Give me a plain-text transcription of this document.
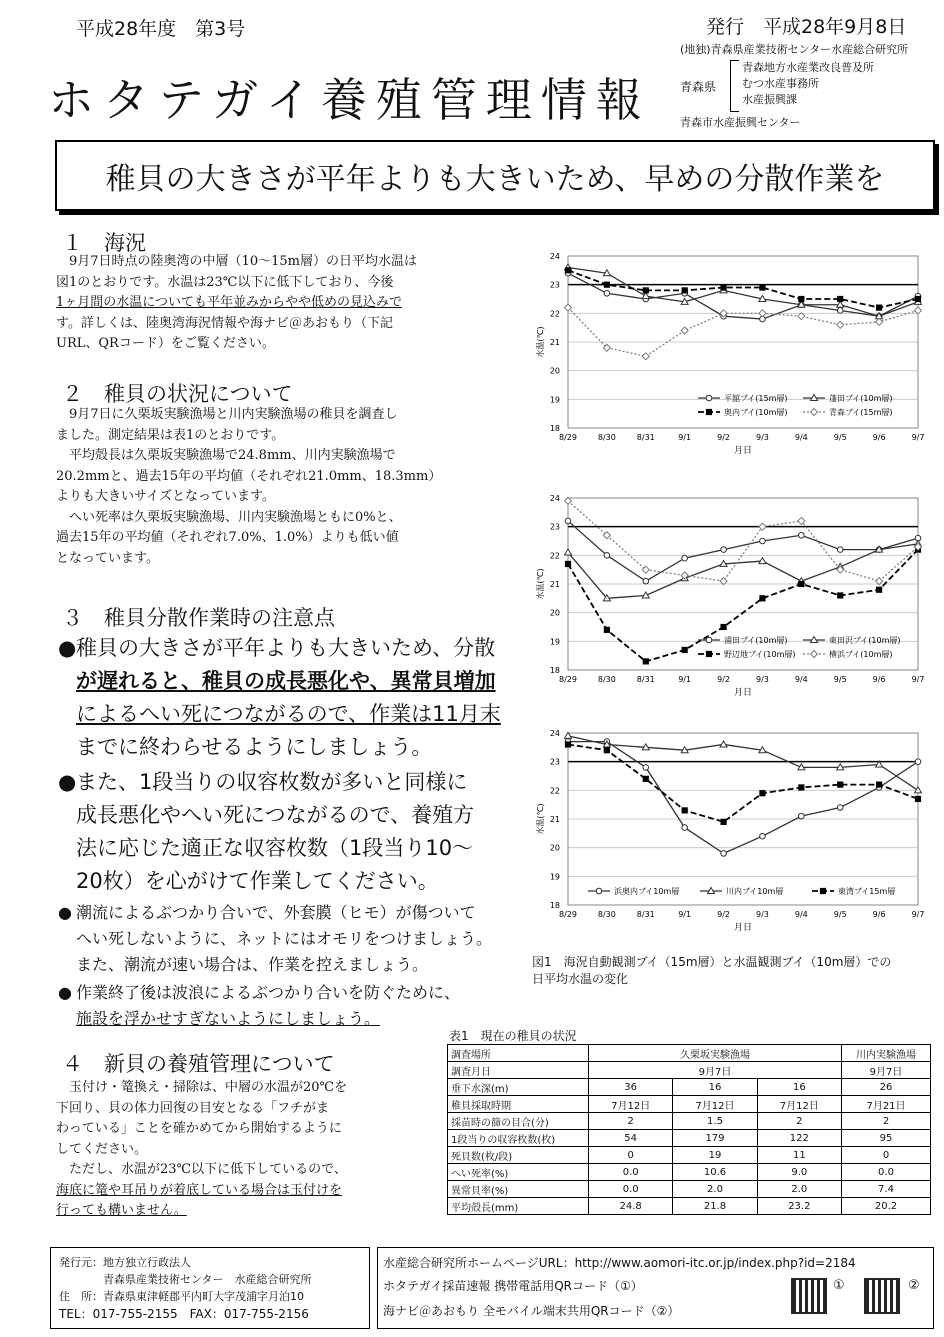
平成28年度　第3号	発行　平成28年9月8日
(地独)青森県産業技術センター水産総合研究所
ホタテガイ養殖管理情報 青森県
青森地方水産業改良普及所
むつ水産事務所
水産振興課
青森市水産振興センター
稚貝の大きさが平年よりも大きいため、早めの分散作業を
１　海況

9月7日時点の陸奥湾の中層（10～15m層）の日平均水温は

図1のとおりです。水温は23℃以下に低下しており、今後

1ヶ月間の水温についても平年並みからやや低めの見込みで

す。詳しくは、陸奥湾海況情報や海ナビ＠あおもり（下記

URL、QRコード）をご覧ください。

２　稚貝の状況について

9月7日に久栗坂実験漁場と川内実験漁場の稚貝を調査し

ました。測定結果は表1のとおりです。

平均殻長は久栗坂実験漁場で24.8mm、川内実験漁場で

20.2mmと、過去15年の平均値（それぞれ21.0mm、18.3mm）

よりも大きいサイズとなっています。

へい死率は久栗坂実験漁場、川内実験漁場ともに0%と、

過去15年の平均値（それぞれ7.0%、1.0%）よりも低い値

となっています。

３　稚貝分散作業時の注意点
● 稚貝の大きさが平年よりも大きいため、分散
が遅れると、稚貝の成長悪化や、異常貝増加
によるへい死につながるので、作業は11月末
までに終わらせるようにしましょう。
● また、1段当りの収容枚数が多いと同様に
成長悪化やへい死につながるので、養殖方
法に応じた適正な収容枚数（1段当り10～
20枚）を心がけて作業してください。
● 潮流によるぶつかり合いで、外套膜（ヒモ）が傷ついて
へい死しないように、ネットにはオモリをつけましょう。
また、潮流が速い場合は、作業を控えましょう。
● 作業終了後は波浪によるぶつかり合いを防ぐために、
施設を浮かせすぎないようにしましょう。
４　新貝の養殖管理について

玉付け・篭換え・掃除は、中層の水温が20℃を

下回り、貝の体力回復の目安となる「フチがま

わっている」ことを確かめてから開始するように

してください。

ただし、水温が23℃以下に低下しているので、

海底に篭や耳吊りが着底している場合は玉付けを

行っても構いません。

18
19
20
21
22
23
24
8/29	8/30	8/31	9/1	9/2	9/3	9/4	9/5	9/6	9/7
月日
水温(℃)
平舘ブイ(15m層)	蓬田ブイ(10m層)
奥内ブイ(10m層)	青森ブイ(15m層)
18
19
20
21
22
23
24
8/29	8/30	8/31	9/1	9/2	9/3	9/4	9/5	9/6	9/7
月日
水温(℃)
浦田ブイ(10m層)	東田沢ブイ(10m層)
野辺地ブイ(10m層)	横浜ブイ(10m層)
18
19
20
21
22
23
24
8/29	8/30	8/31	9/1	9/2	9/3	9/4	9/5	9/6	9/7
月日
水温(℃)
浜奥内ブイ10m層	川内ブイ10m層	東湾ブイ15m層
図1　海況自動観測ブイ（15m層）と水温観測ブイ（10m層）での
日平均水温の変化
表1　現在の稚貝の状況
調査場所	久栗坂実験漁場			川内実験漁場
調査月日	9月7日			9月7日
垂下水深(m)	36	16	16	26
稚貝採取時期	7月12日	7月12日	7月12日	7月21日
採苗時の篩の目合(分)	2	1.5	2	2
1段当りの収容枚数(枚)	54	179	122	95
死貝数(枚/段)	0	19	11	0
へい死率(%)	0.0	10.6	9.0	0.0
異常貝率(%)	0.0	2.0	2.0	7.4
平均殻長(mm)	24.8	21.8	23.2	20.2
発行元：地方独立行政法人
青森県産業技術センター　水産総合研究所
住　所：青森県東津軽郡平内町大字茂浦字月泊10
TEL：017-755-2155　FAX：017-755-2156
水産総合研究所ホームページURL：http://www.aomori-itc.or.jp/index.php?id=2184
ホタテガイ採苗速報 携帯電話用QRコード（①）
海ナビ＠あおもり 全モバイル端末共用QRコード（②）
①	②
